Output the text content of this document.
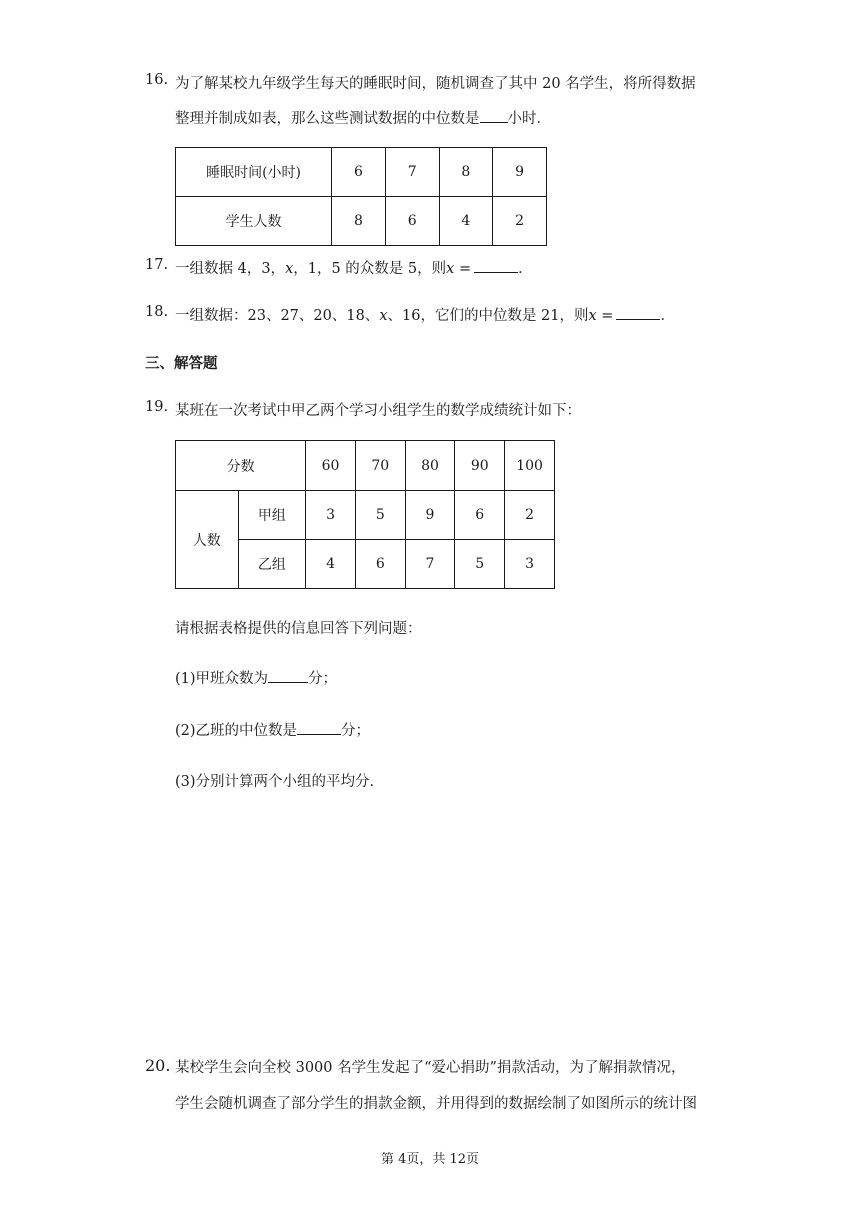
16. 为了解某校九年级学生每天的睡眠时间，随机调查了其中 20 名学生，将所得数据
整理并制成如表，那么这些测试数据的中位数是 小时．
睡眠时间(小时)	6	7	8	9
学生人数	8	6	4	2
17. 一组数据 4，3，x，1，5 的众数是 5，则x =	．
18. 一组数据：23、27、20、18、x、16，它们的中位数是 21，则x =	．
三、解答题
19. 某班在一次考试中甲乙两个学习小组学生的数学成绩统计如下：
分数		60	70	80	90	100
人数	甲组	3	5	9	6	2
	乙组	4	6	7	5	3
请根据表格提供的信息回答下列问题：
(1)甲班众数为	分；
(2)乙班的中位数是	分；
(3)分别计算两个小组的平均分．
20. 某校学生会向全校 3000 名学生发起了“爱心捐助”捐款活动，为了解捐款情况，
学生会随机调查了部分学生的捐款金额，并用得到的数据绘制了如图所示的统计图
第 4页，共 12页
